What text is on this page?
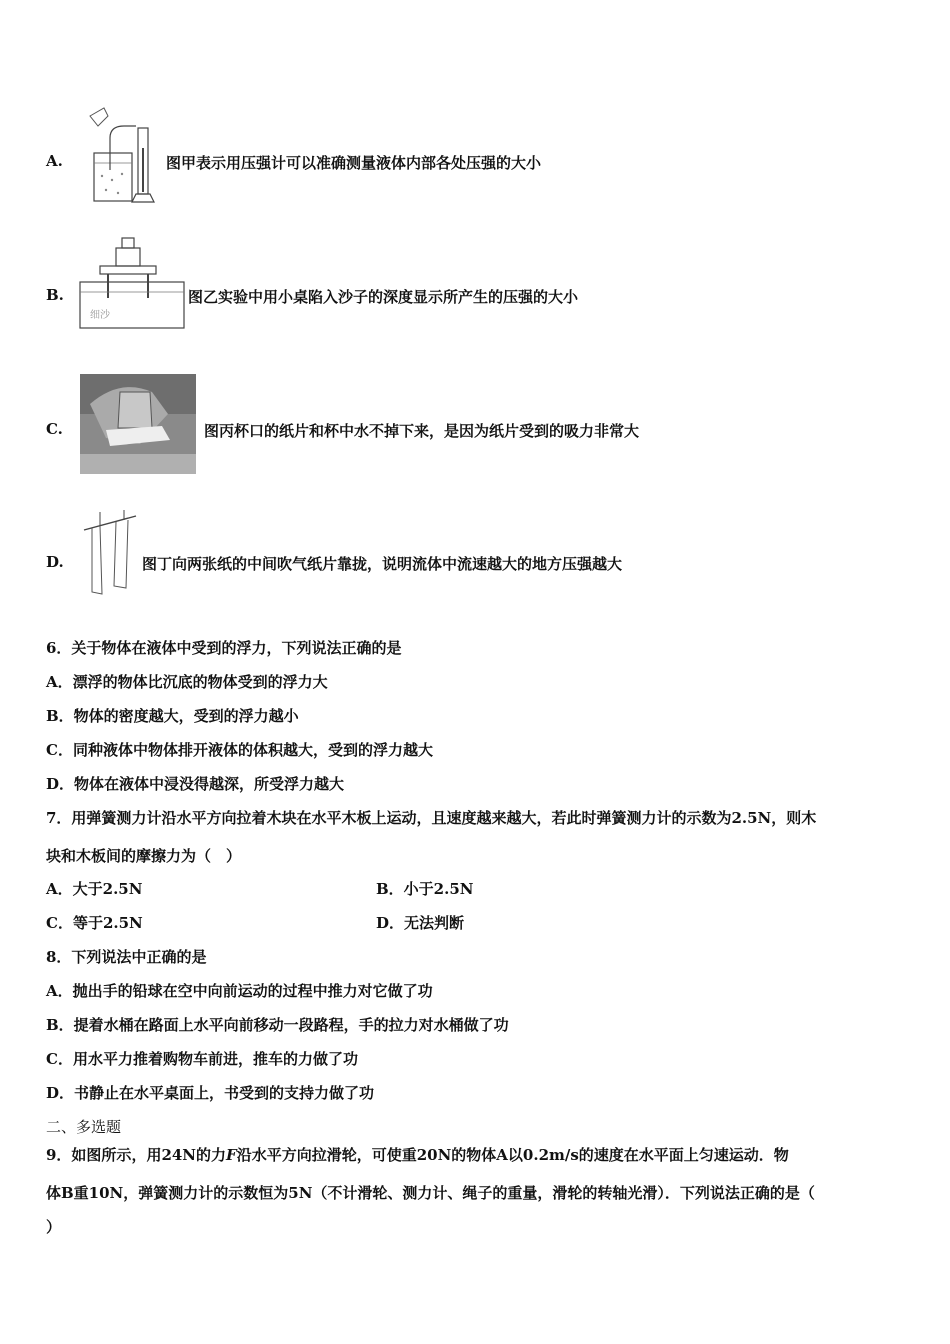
A.	图甲表示用压强计可以准确测量液体内部各处压强的大小
细沙
B.	图乙实验中用小桌陷入沙子的深度显示所产生的压强的大小
C.	图丙杯口的纸片和杯中水不掉下来，是因为纸片受到的吸力非常大
D.	图丁向两张纸的中间吹气纸片靠拢，说明流体中流速越大的地方压强越大
6．关于物体在液体中受到的浮力，下列说法正确的是
A．漂浮的物体比沉底的物体受到的浮力大
B．物体的密度越大，受到的浮力越小
C．同种液体中物体排开液体的体积越大，受到的浮力越大
D．物体在液体中浸没得越深，所受浮力越大
7．用弹簧测力计沿水平方向拉着木块在水平木板上运动，且速度越来越大，若此时弹簧测力计的示数为2.5N，则木
块和木板间的摩擦力为（　）
A．大于2.5N	B．小于2.5N
C．等于2.5N	D．无法判断
8．下列说法中正确的是
A．抛出手的铅球在空中向前运动的过程中推力对它做了功
B．提着水桶在路面上水平向前移动一段路程，手的拉力对水桶做了功
C．用水平力推着购物车前进，推车的力做了功
D．书静止在水平桌面上，书受到的支持力做了功
二、多选题
9．如图所示，用24N的力F沿水平方向拉滑轮，可使重20N的物体A以0.2m/s的速度在水平面上匀速运动．物
体B重10N，弹簧测力计的示数恒为5N（不计滑轮、测力计、绳子的重量，滑轮的转轴光滑）．下列说法正确的是（
）
